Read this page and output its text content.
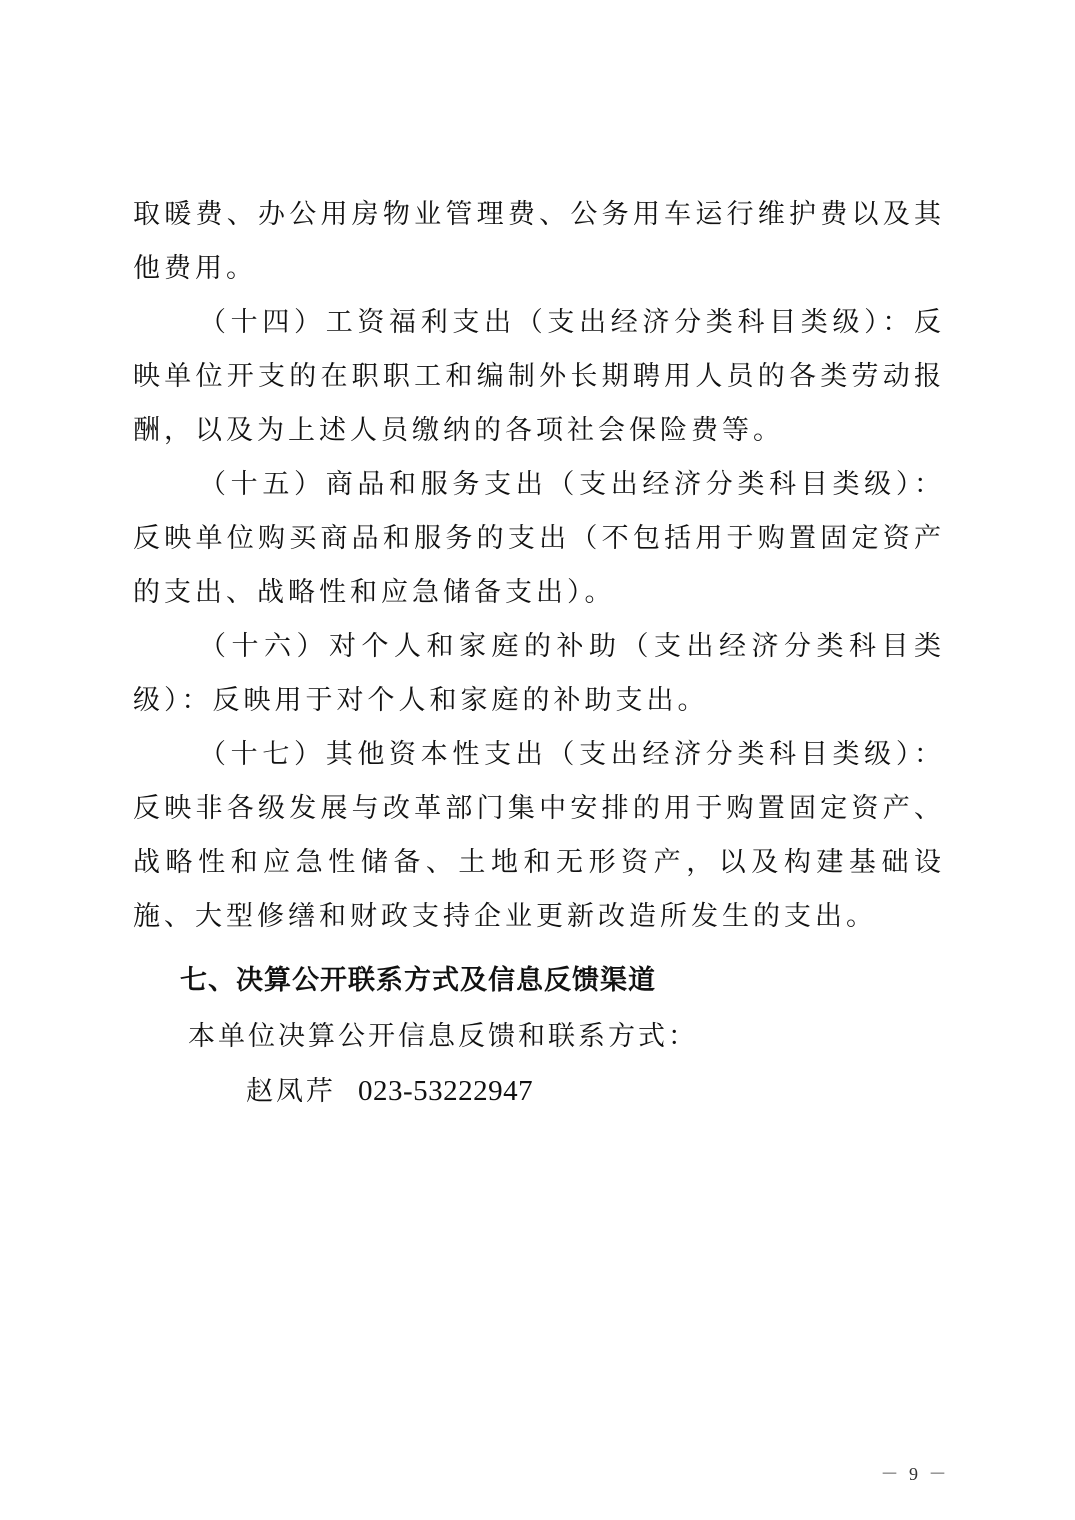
取暖费、办公用房物业管理费、公务用车运行维护费以及其他费用。

（十四）工资福利支出（支出经济分类科目类级）：反映单位开支的在职职工和编制外长期聘用人员的各类劳动报酬，以及为上述人员缴纳的各项社会保险费等。

（十五）商品和服务支出（支出经济分类科目类级）：反映单位购买商品和服务的支出（不包括用于购置固定资产的支出、战略性和应急储备支出）。

（十六）对个人和家庭的补助（支出经济分类科目类级）：反映用于对个人和家庭的补助支出。

（十七）其他资本性支出（支出经济分类科目类级）：反映非各级发展与改革部门集中安排的用于购置固定资产、战略性和应急性储备、土地和无形资产，以及构建基础设施、大型修缮和财政支持企业更新改造所发生的支出。

七、决算公开联系方式及信息反馈渠道

本单位决算公开信息反馈和联系方式：

赵凤芹 023-53222947

－ 9 －
